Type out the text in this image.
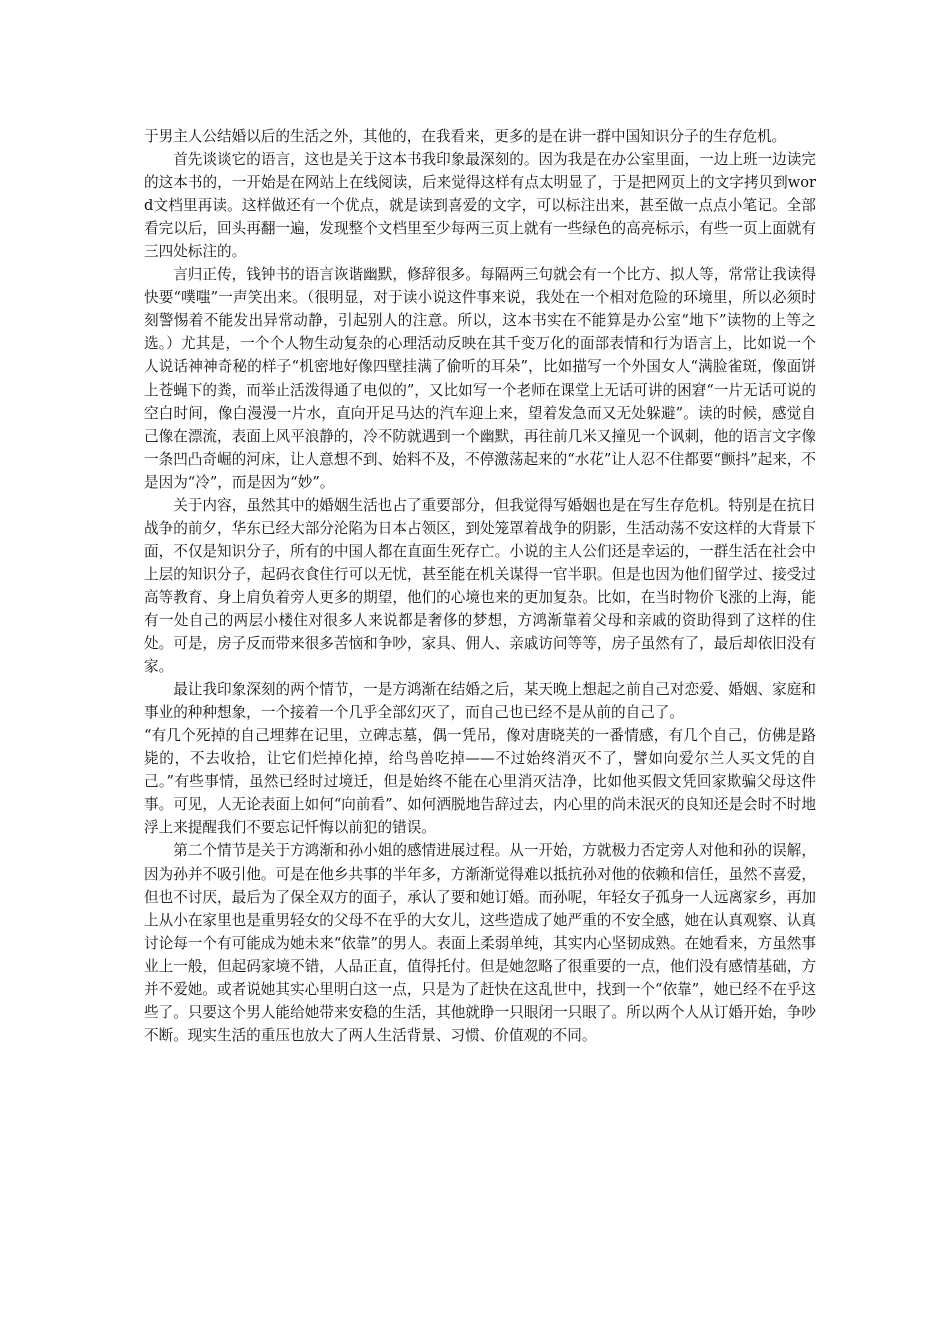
于男主人公结婚以后的生活之外，其他的，在我看来，更多的是在讲一群中国知识分子的生存危机。

首先谈谈它的语言，这也是关于这本书我印象最深刻的。因为我是在办公室里面，一边上班一边读完的这本书的，一开始是在网站上在线阅读，后来觉得这样有点太明显了，于是把网页上的文字拷贝到word文档里再读。这样做还有一个优点，就是读到喜爱的文字，可以标注出来，甚至做一点点小笔记。全部看完以后，回头再翻一遍，发现整个文档里至少每两三页上就有一些绿色的高亮标示，有些一页上面就有三四处标注的。

言归正传，钱钟书的语言诙谐幽默，修辞很多。每隔两三句就会有一个比方、拟人等，常常让我读得快要“噗嗤”一声笑出来。（很明显，对于读小说这件事来说，我处在一个相对危险的环境里，所以必须时刻警惕着不能发出异常动静，引起别人的注意。所以，这本书实在不能算是办公室“地下”读物的上等之选。）尤其是，一个个人物生动复杂的心理活动反映在其千变万化的面部表情和行为语言上，比如说一个人说话神神奇秘的样子“机密地好像四壁挂满了偷听的耳朵”，比如描写一个外国女人“满脸雀斑，像面饼上苍蝇下的粪，而举止活泼得通了电似的”，又比如写一个老师在课堂上无话可讲的困窘“一片无话可说的空白时间，像白漫漫一片水，直向开足马达的汽车迎上来，望着发急而又无处躲避”。读的时候，感觉自己像在漂流，表面上风平浪静的，冷不防就遇到一个幽默，再往前几米又撞见一个讽刺，他的语言文字像一条凹凸奇崛的河床，让人意想不到、始料不及，不停激荡起来的“水花”让人忍不住都要“颤抖”起来，不是因为“冷”，而是因为“妙”。

关于内容，虽然其中的婚姻生活也占了重要部分，但我觉得写婚姻也是在写生存危机。特别是在抗日战争的前夕，华东已经大部分沦陷为日本占领区，到处笼罩着战争的阴影，生活动荡不安这样的大背景下面，不仅是知识分子，所有的中国人都在直面生死存亡。小说的主人公们还是幸运的，一群生活在社会中上层的知识分子，起码衣食住行可以无忧，甚至能在机关谋得一官半职。但是也因为他们留学过、接受过高等教育、身上肩负着旁人更多的期望，他们的心境也来的更加复杂。比如，在当时物价飞涨的上海，能有一处自己的两层小楼住对很多人来说都是奢侈的梦想，方鸿渐靠着父母和亲戚的资助得到了这样的住处。可是，房子反而带来很多苦恼和争吵，家具、佣人、亲戚访问等等，房子虽然有了，最后却依旧没有家。

最让我印象深刻的两个情节，一是方鸿渐在结婚之后，某天晚上想起之前自己对恋爱、婚姻、家庭和事业的种种想象，一个接着一个几乎全部幻灭了，而自己也已经不是从前的自己了。

“有几个死掉的自己埋葬在记里，立碑志墓，偶一凭吊，像对唐晓芙的一番情感，有几个自己，仿佛是路毙的，不去收拾，让它们烂掉化掉，给鸟兽吃掉——不过始终消灭不了，譬如向爱尔兰人买文凭的自己。”有些事情，虽然已经时过境迁，但是始终不能在心里消灭洁净，比如他买假文凭回家欺骗父母这件事。可见，人无论表面上如何“向前看”、如何洒脱地告辞过去，内心里的尚未泯灭的良知还是会时不时地浮上来提醒我们不要忘记忏悔以前犯的错误。

第二个情节是关于方鸿渐和孙小姐的感情进展过程。从一开始，方就极力否定旁人对他和孙的误解，因为孙并不吸引他。可是在他乡共事的半年多，方渐渐觉得难以抵抗孙对他的依赖和信任，虽然不喜爱，但也不讨厌，最后为了保全双方的面子，承认了要和她订婚。而孙呢，年轻女子孤身一人远离家乡，再加上从小在家里也是重男轻女的父母不在乎的大女儿，这些造成了她严重的不安全感，她在认真观察、认真讨论每一个有可能成为她未来“依靠”的男人。表面上柔弱单纯，其实内心坚韧成熟。在她看来，方虽然事业上一般，但起码家境不错，人品正直，值得托付。但是她忽略了很重要的一点，他们没有感情基础，方并不爱她。或者说她其实心里明白这一点，只是为了赶快在这乱世中，找到一个“依靠”，她已经不在乎这些了。只要这个男人能给她带来安稳的生活，其他就睁一只眼闭一只眼了。所以两个人从订婚开始，争吵不断。现实生活的重压也放大了两人生活背景、习惯、价值观的不同。
